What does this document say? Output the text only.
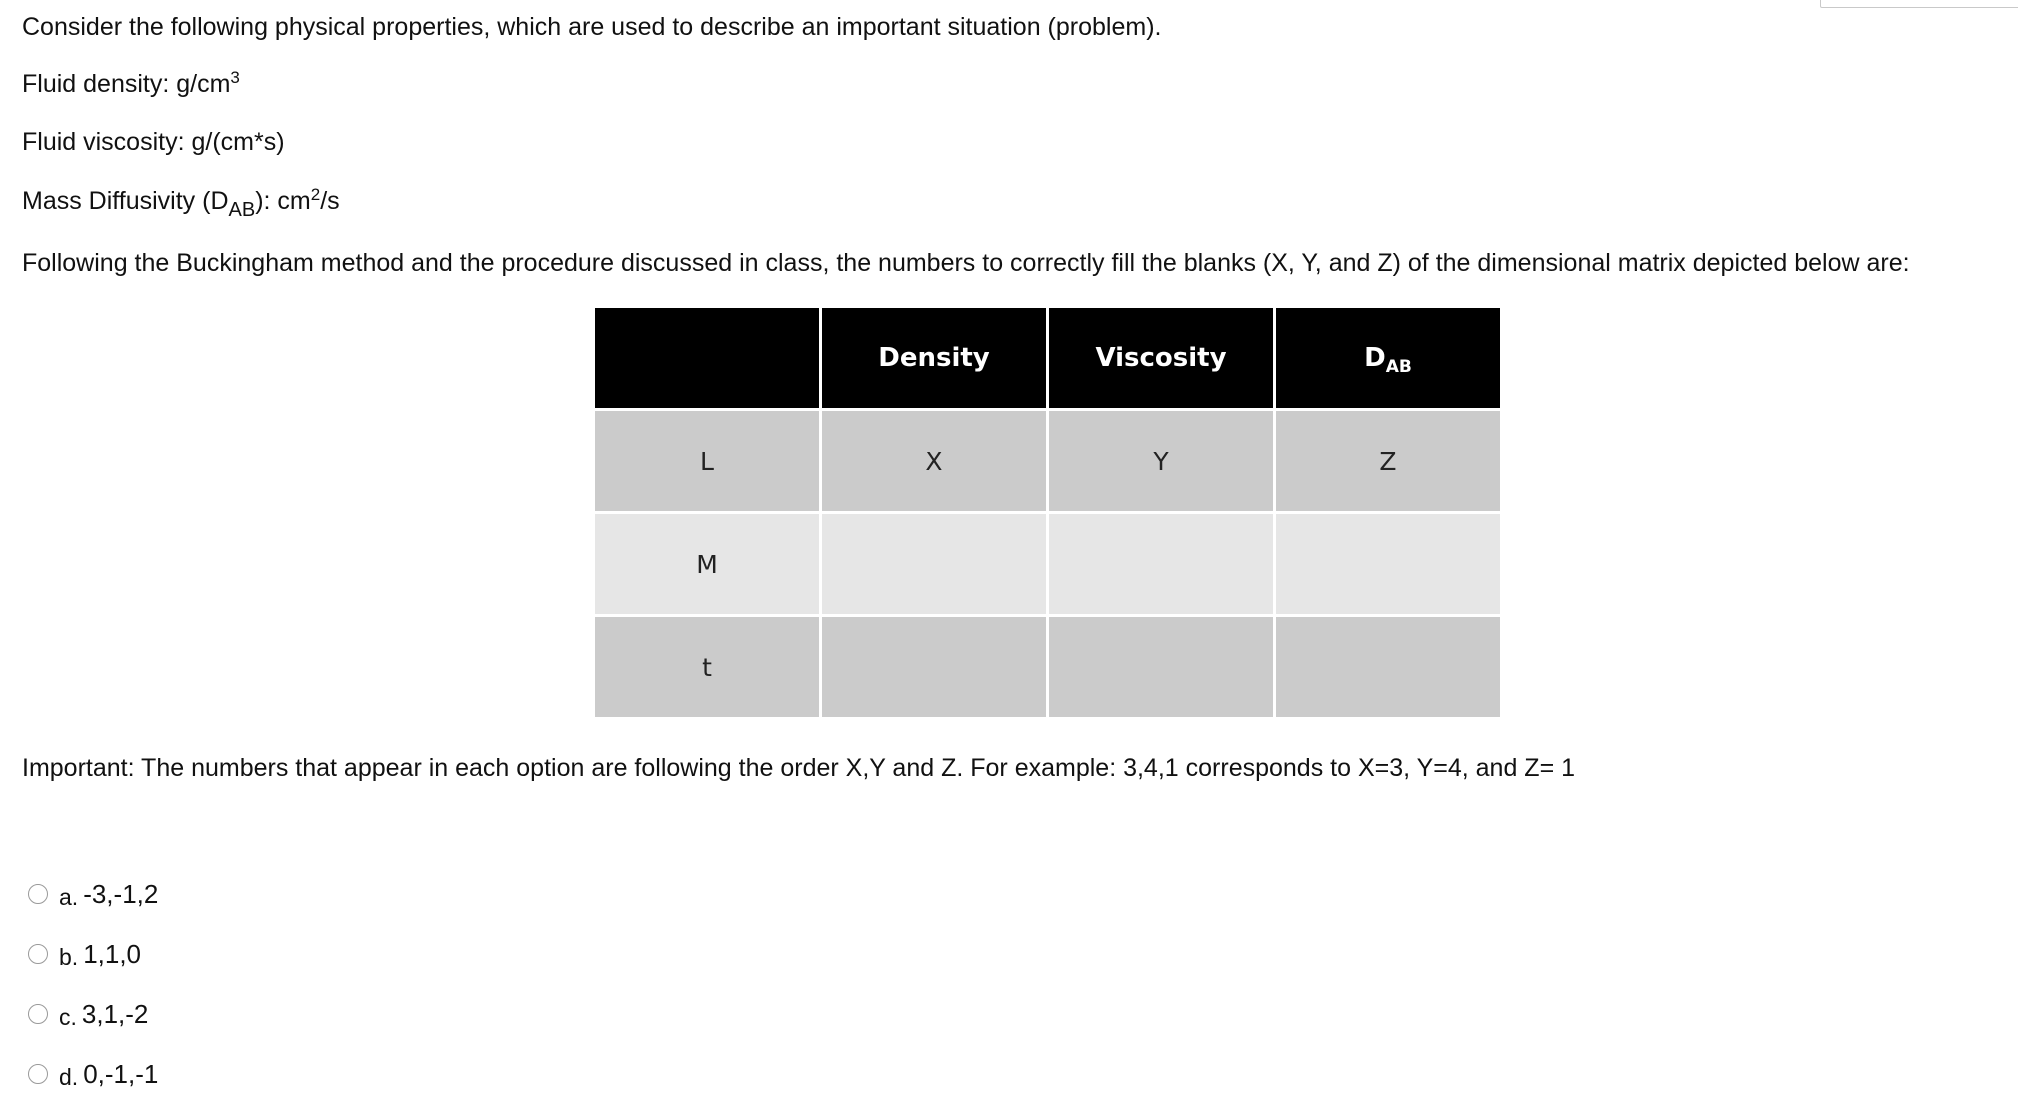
Consider the following physical properties, which are used to describe an important situation (problem).
Fluid density: $g/cm^3$
Fluid viscosity: g/(cm*s)
Mass Diffusivity $(D_{AB})$: $cm^2/s$
Following the Buckingham method and the procedure discussed in class, the numbers to correctly fill the blanks (X, Y, and Z) of the dimensional matrix depicted below are:
	Density	Viscosity	$D_{AB}$
L	X	Y	Z
M			
t			
Important: The numbers that appear in each option are following the order X,Y and Z. For example: 3,4,1 corresponds to X=3, Y=4, and Z= 1
a. -3,-1,2
b. 1,1,0
c. 3,1,-2
d. 0,-1,-1
